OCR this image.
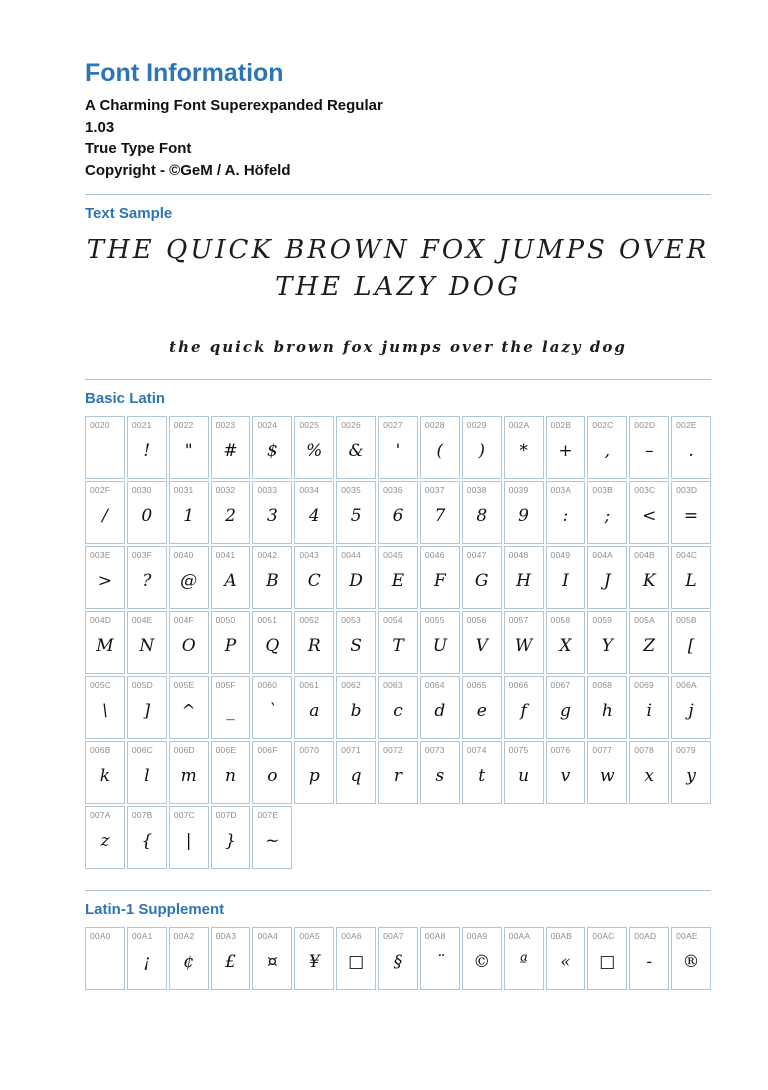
Font Information
A Charming Font Superexpanded Regular
1.03
True Type Font
Copyright - ©GeM / A. Höfeld
Text Sample
THE QUICK BROWN FOX JUMPS OVER THE LAZY DOG
the quick brown fox jumps over the lazy dog
Basic Latin
0020	0021
!
0022
"
0023
#
0024
$
0025
%
0026
&
0027
'
0028
(
0029
)
002A
*
002B
+
002C
,
002D
–
002E
.
002F
/
0030
0
0031
1
0032
2
0033
3
0034
4
0035
5
0036
6
0037
7
0038
8
0039
9
003A
:
003B
;
003C
<
003D
=
003E
>
003F
?
0040
@
0041
A
0042
B
0043
C
0044
D
0045
E
0046
F
0047
G
0048
H
0049
I
004A
J
004B
K
004C
L
004D
M
004E
N
004F
O
0050
P
0051
Q
0052
R
0053
S
0054
T
0055
U
0056
V
0057
W
0058
X
0059
Y
005A
Z
005B
[
005C
\
005D
]
005E
^
005F
_
0060
`
0061
a
0062
b
0063
c
0064
d
0065
e
0066
f
0067
g
0068
h
0069
i
006A
j
006B
k
006C
l
006D
m
006E
n
006F
o
0070
p
0071
q
0072
r
0073
s
0074
t
0075
u
0076
v
0077
w
0078
x
0079
y
007A
z
007B
{
007C
|
007D
}
007E
~
Latin-1 Supplement
00A0	00A1
¡
00A2
¢
00A3
£
00A4
¤
00A5
¥
00A6
□
00A7
§
00A8
¨
00A9
©
00AA
ª
00AB
«
00AC
□
00AD
-
00AE
®
